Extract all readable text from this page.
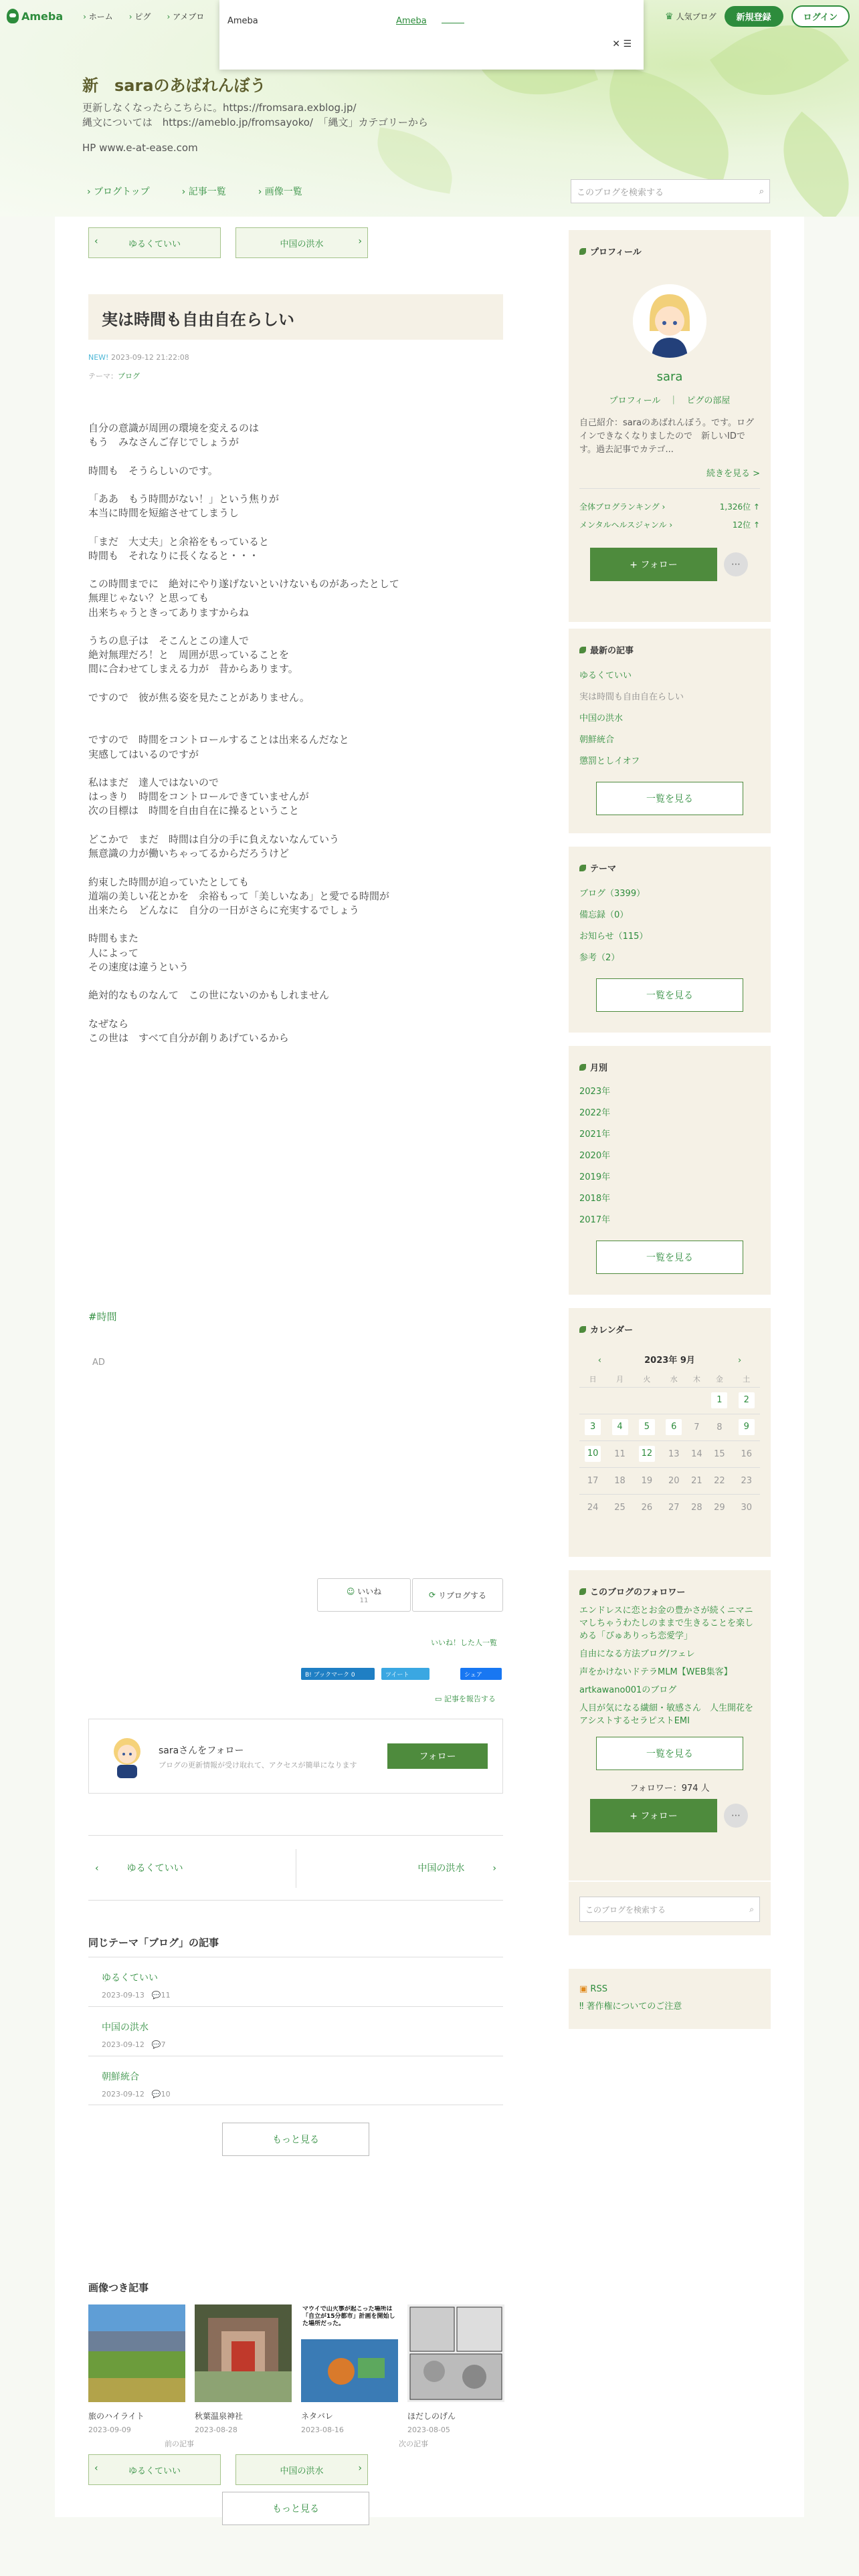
新　saraのあばれんぼう
更新しなくなったらこちらに。https://fromsara.exblog.jp/
縄文については　https://ameblo.jp/fromsayoko/　「縄文」カテゴリーから
HP www.e-at-ease.com
› ブログトップ	› 記事一覧	› 画像一覧	このブログを検索する	⌕
Ameba	› ホーム	› ピグ	› アメブロ	♛ 人気ブログ	新規登録	ログイン
Ameba	Ameba
✕ ☰
‹	ゆるくていい	中国の洪水	›
実は時間も自由自在らしい
NEW! 2023-09-12 21:22:08
テーマ：ブログ
自分の意識が周囲の環境を変えるのは
もう　みなさんご存じでしょうが

時間も　そうらしいのです。

「ああ　もう時間がない！」という焦りが
本当に時間を短縮させてしまうし

「まだ　大丈夫」と余裕をもっていると
時間も　それなりに長くなると・・・

この時間までに　絶対にやり遂げないといけないものがあったとして
無理じゃない？と思っても
出来ちゃうときってありますからね

うちの息子は　そこんとこの達人で
絶対無理だろ！と　周囲が思っていることを
間に合わせてしまえる力が　昔からあります。

ですので　彼が焦る姿を見たことがありません。

ですので　時間をコントロールすることは出来るんだなと
実感してはいるのですが

私はまだ　達人ではないので
はっきり　時間をコントロールできていませんが
次の目標は　時間を自由自在に操るということ

どこかで　まだ　時間は自分の手に負えないなんていう
無意識の力が働いちゃってるからだろうけど

約束した時間が迫っていたとしても
道端の美しい花とかを　余裕もって「美しいなあ」と愛でる時間が
出来たら　どんなに　自分の一日がさらに充実するでしょう

時間もまた
人によって
その速度は違うという

絶対的なものなんて　この世にないのかもしれません

なぜなら
この世は　すべて自分が創りあげているから
#時間
AD
☺ いいね
11
⟳ リブログする
いいね！した人一覧
B! ブックマーク 0	ツイート	シェア
▭ 記事を報告する
saraさんをフォロー
ブログの更新情報が受け取れて、アクセスが簡単になります
フォロー
‹　　　ゆるくていい	中国の洪水　　　›
同じテーマ「ブログ」の記事
ゆるくていい
2023-09-13　💬11
中国の洪水
2023-09-12　💬7
朝鮮統合
2023-09-12　💬10
もっと見る
画像つき記事
旅のハイライト
2023-09-09
秋葉温泉神社
2023-08-28
マウイで山火事が起こった場所は「自立が15分都市」計画を開始した場所だった。
ネタバレ
2023-08-16
ほだしのげん
2023-08-05
もっと見る
前の記事	次の記事
‹	ゆるくていい	中国の洪水	›
プロフィール
sara
プロフィール　｜　ピグの部屋
自己紹介：saraのあばれんぼう。です。ログインできなくなりましたので　新しいIDです。過去記事でカテゴ...
続きを見る >
全体ブログランキング ›	1,326位 ↑
メンタルヘルスジャンル ›	12位 ↑
+ フォロー	⋯
最新の記事
ゆるくていい
実は時間も自由自在らしい
中国の洪水
朝鮮統合
懲罰としイオフ
一覧を見る
テーマ
ブログ（3399）
備忘録（0）
お知らせ（115）
参考（2）
一覧を見る
月別
2023年
2022年
2021年
2020年
2019年
2018年
2017年
一覧を見る
カレンダー
‹	2023年 9月	›
日	月	火	水	木	金	土
					1	2
3	4	5	6	7	8	9
10	11	12	13	14	15	16
17	18	19	20	21	22	23
24	25	26	27	28	29	30
このブログのフォロワー
エンドレスに恋とお金の豊かさが続くニマニマしちゃうわたしのままで生きることを楽しめる「ぴゅありっち恋愛学」
自由になる方法ブログ/フェレ
声をかけないドテラMLM【WEB集客】
artkawano001のブログ
人目が気になる繊細・敏感さん　人生開花をアシストするセラピストEMI
一覧を見る
フォロワー：974 人
+ フォロー	⋯
このブログを検索する	⌕
▣ RSS
‼ 著作権についてのご注意
